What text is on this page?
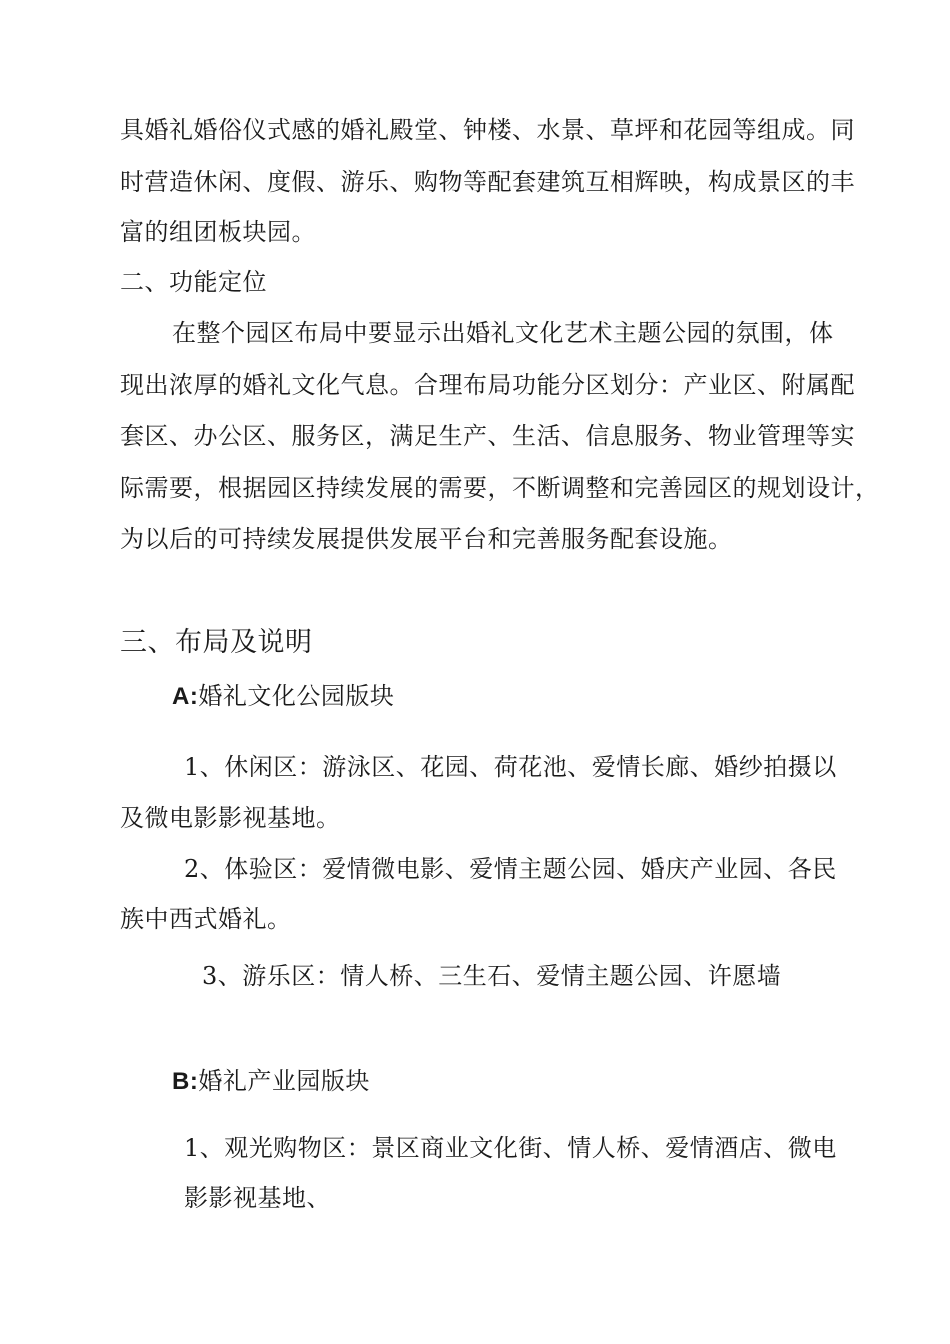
具婚礼婚俗仪式感的婚礼殿堂、钟楼、水景、草坪和花园等组成。同
时营造休闲、度假、游乐、购物等配套建筑互相辉映，构成景区的丰
富的组团板块园。
二、功能定位
在整个园区布局中要显示出婚礼文化艺术主题公园的氛围，体
现出浓厚的婚礼文化气息。合理布局功能分区划分：产业区、附属配
套区、办公区、服务区，满足生产、生活、信息服务、物业管理等实
际需要，根据园区持续发展的需要，不断调整和完善园区的规划设计，
为以后的可持续发展提供发展平台和完善服务配套设施。
三、布局及说明
A:婚礼文化公园版块
1、休闲区：游泳区、花园、荷花池、爱情长廊、婚纱拍摄以
及微电影影视基地。
2、体验区：爱情微电影、爱情主题公园、婚庆产业园、各民
族中西式婚礼。
3、游乐区：情人桥、三生石、爱情主题公园、许愿墙
B:婚礼产业园版块
1、观光购物区：景区商业文化街、情人桥、爱情酒店、微电
影影视基地、
